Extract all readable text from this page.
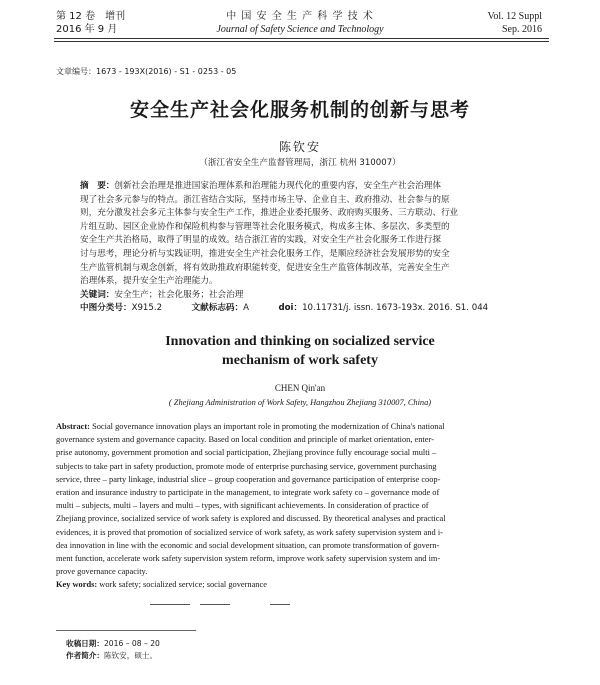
第 12 卷　增刊
2016 年 9 月
中 国 安 全 生 产 科 学 技 术
Journal of Safety Science and Technology
Vol. 12 Suppl
Sep. 2016
文章编号：1673 - 193X(2016) - S1 - 0253 - 05
安全生产社会化服务机制的创新与思考
陈钦安
（浙江省安全生产监督管理局，浙江 杭州 310007）
摘　要：创新社会治理是推进国家治理体系和治理能力现代化的重要内容，安全生产社会治理体
现了社会多元参与的特点。浙江省结合实际，坚持市场主导、企业自主、政府推动、社会参与的原
则，充分激发社会多元主体参与安全生产工作，推进企业委托服务、政府购买服务、三方联动、行业
片组互助、园区企业协作和保险机构参与管理等社会化服务模式，构成多主体、多层次、多类型的
安全生产共治格局，取得了明显的成效。结合浙江省的实践，对安全生产社会化服务工作进行探
讨与思考，理论分析与实践证明，推进安全生产社会化服务工作，是顺应经济社会发展形势的安全
生产监管机制与观念创新，将有效助推政府职能转变，促进安全生产监管体制改革，完善安全生产
治理体系，提升安全生产治理能力。
关键词：安全生产；社会化服务；社会治理
中图分类号：X915.2	文献标志码：A	doi：10.11731/j. issn. 1673-193x. 2016. S1. 044
Innovation and thinking on socialized service
mechanism of work safety
CHEN Qin'an
( Zhejiang Administration of Work Safety, Hangzhou Zhejiang 310007, China)
Abstract: Social governance innovation plays an important role in promoting the modernization of China's national
governance system and governance capacity. Based on local condition and principle of market orientation, enter-
prise autonomy, government promotion and social participation, Zhejiang province fully encourage social multi –
subjects to take part in safety production, promote mode of enterprise purchasing service, government purchasing
service, three – party linkage, industrial slice – group cooperation and governance participation of enterprise coop-
eration and insurance industry to participate in the management, to integrate work safety co – governance mode of
multi – subjects, multi – layers and multi – types, with significant achievements. In consideration of practice of
Zhejiang province, socialized service of work safety is explored and discussed. By theoretical analyses and practical
evidences, it is proved that promotion of socialized service of work safety, as work safety supervision system and i-
dea innovation in line with the economic and social development situation, can promote transformation of govern-
ment function, accelerate work safety supervision system reform, improve work safety supervision system and im-
prove governance capacity.
Key words: work safety; socialized service; social governance
收稿日期：2016 – 08 – 20
作者简介：陈钦安，硕士。
